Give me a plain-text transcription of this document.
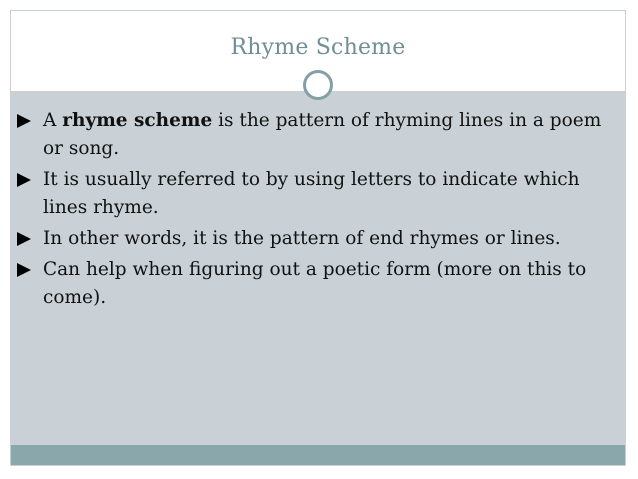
Rhyme Scheme
A rhyme scheme is the pattern of rhyming lines in a poem or song.
It is usually referred to by using letters to indicate which lines rhyme.
In other words, it is the pattern of end rhymes or lines.
Can help when figuring out a poetic form (more on this to come).
